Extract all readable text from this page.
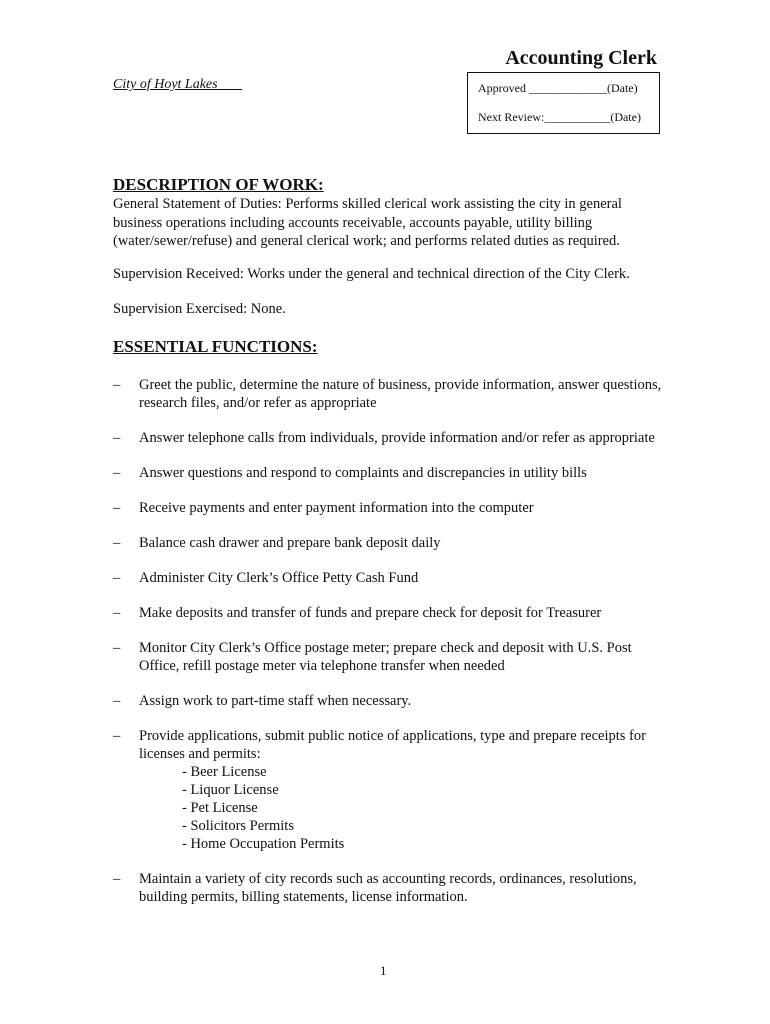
Accounting Clerk
City of Hoyt Lakes	Approved _____________(Date)
Next Review:___________(Date)
DESCRIPTION OF WORK:

General Statement of Duties: Performs skilled clerical work assisting the city in general business operations including accounts receivable, accounts payable, utility billing (water/sewer/refuse) and general clerical work; and performs related duties as required.

Supervision Received: Works under the general and technical direction of the City Clerk.

Supervision Exercised: None.

ESSENTIAL FUNCTIONS:
– Greet the public, determine the nature of business, provide information, answer questions, research files, and/or refer as appropriate
– Answer telephone calls from individuals, provide information and/or refer as appropriate
– Answer questions and respond to complaints and discrepancies in utility bills
– Receive payments and enter payment information into the computer
– Balance cash drawer and prepare bank deposit daily
– Administer City Clerk’s Office Petty Cash Fund
– Make deposits and transfer of funds and prepare check for deposit for Treasurer
– Monitor City Clerk’s Office postage meter; prepare check and deposit with U.S. Post Office, refill postage meter via telephone transfer when needed
– Assign work to part-time staff when necessary.
– Provide applications, submit public notice of applications, type and prepare receipts for licenses and permits:
- Beer License
- Liquor License
- Pet License
- Solicitors Permits
- Home Occupation Permits
– Maintain a variety of city records such as accounting records, ordinances, resolutions, building permits, billing statements, license information.
1
